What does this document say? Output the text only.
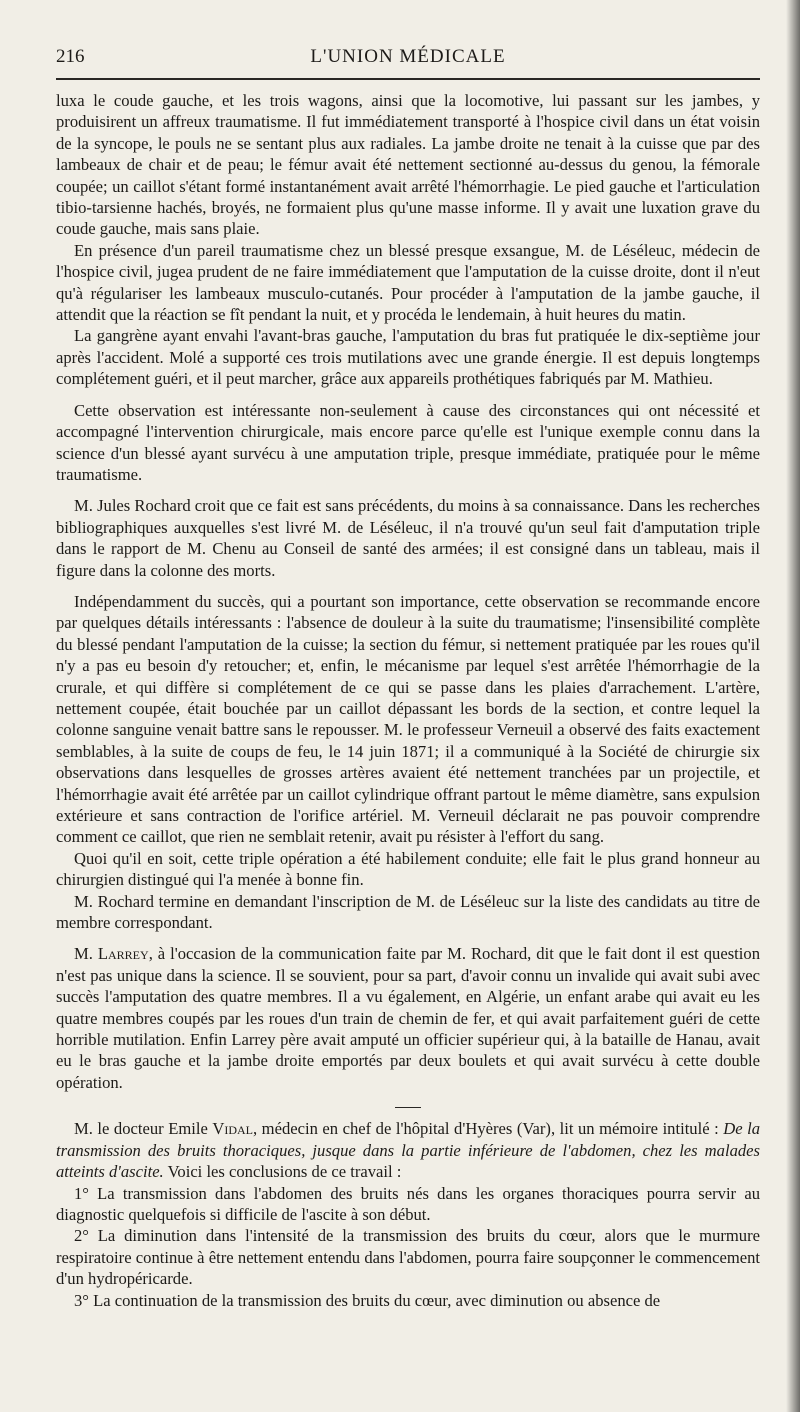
216	L'UNION MÉDICALE

luxa le coude gauche, et les trois wagons, ainsi que la locomotive, lui passant sur les jambes, y produisirent un affreux traumatisme. Il fut immédiatement transporté à l'hospice civil dans un état voisin de la syncope, le pouls ne se sentant plus aux radiales. La jambe droite ne tenait à la cuisse que par des lambeaux de chair et de peau; le fémur avait été nettement sectionné au-dessus du genou, la fémorale coupée; un caillot s'étant formé instantanément avait arrêté l'hémorrhagie. Le pied gauche et l'articulation tibio-tarsienne hachés, broyés, ne formaient plus qu'une masse informe. Il y avait une luxation grave du coude gauche, mais sans plaie.

En présence d'un pareil traumatisme chez un blessé presque exsangue, M. de Léséleuc, médecin de l'hospice civil, jugea prudent de ne faire immédiatement que l'amputation de la cuisse droite, dont il n'eut qu'à régulariser les lambeaux musculo-cutanés. Pour procéder à l'amputation de la jambe gauche, il attendit que la réaction se fît pendant la nuit, et y procéda le lendemain, à huit heures du matin.

La gangrène ayant envahi l'avant-bras gauche, l'amputation du bras fut pratiquée le dix-septième jour après l'accident. Molé a supporté ces trois mutilations avec une grande énergie. Il est depuis longtemps complétement guéri, et il peut marcher, grâce aux appareils prothétiques fabriqués par M. Mathieu.

Cette observation est intéressante non-seulement à cause des circonstances qui ont nécessité et accompagné l'intervention chirurgicale, mais encore parce qu'elle est l'unique exemple connu dans la science d'un blessé ayant survécu à une amputation triple, presque immédiate, pratiquée pour le même traumatisme.

M. Jules Rochard croit que ce fait est sans précédents, du moins à sa connaissance. Dans les recherches bibliographiques auxquelles s'est livré M. de Léséleuc, il n'a trouvé qu'un seul fait d'amputation triple dans le rapport de M. Chenu au Conseil de santé des armées; il est consigné dans un tableau, mais il figure dans la colonne des morts.

Indépendamment du succès, qui a pourtant son importance, cette observation se recommande encore par quelques détails intéressants : l'absence de douleur à la suite du traumatisme; l'insensibilité complète du blessé pendant l'amputation de la cuisse; la section du fémur, si nettement pratiquée par les roues qu'il n'y a pas eu besoin d'y retoucher; et, enfin, le mécanisme par lequel s'est arrêtée l'hémorrhagie de la crurale, et qui diffère si complétement de ce qui se passe dans les plaies d'arrachement. L'artère, nettement coupée, était bouchée par un caillot dépassant les bords de la section, et contre lequel la colonne sanguine venait battre sans le repousser. M. le professeur Verneuil a observé des faits exactement semblables, à la suite de coups de feu, le 14 juin 1871; il a communiqué à la Société de chirurgie six observations dans lesquelles de grosses artères avaient été nettement tranchées par un projectile, et l'hémorrhagie avait été arrêtée par un caillot cylindrique offrant partout le même diamètre, sans expulsion extérieure et sans contraction de l'orifice artériel. M. Verneuil déclarait ne pas pouvoir comprendre comment ce caillot, que rien ne semblait retenir, avait pu résister à l'effort du sang.

Quoi qu'il en soit, cette triple opération a été habilement conduite; elle fait le plus grand honneur au chirurgien distingué qui l'a menée à bonne fin.

M. Rochard termine en demandant l'inscription de M. de Léséleuc sur la liste des candidats au titre de membre correspondant.

M. Larrey, à l'occasion de la communication faite par M. Rochard, dit que le fait dont il est question n'est pas unique dans la science. Il se souvient, pour sa part, d'avoir connu un invalide qui avait subi avec succès l'amputation des quatre membres. Il a vu également, en Algérie, un enfant arabe qui avait eu les quatre membres coupés par les roues d'un train de chemin de fer, et qui avait parfaitement guéri de cette horrible mutilation. Enfin Larrey père avait amputé un officier supérieur qui, à la bataille de Hanau, avait eu le bras gauche et la jambe droite emportés par deux boulets et qui avait survécu à cette double opération.

M. le docteur Emile Vidal, médecin en chef de l'hôpital d'Hyères (Var), lit un mémoire intitulé : De la transmission des bruits thoraciques, jusque dans la partie inférieure de l'abdomen, chez les malades atteints d'ascite. Voici les conclusions de ce travail :

1° La transmission dans l'abdomen des bruits nés dans les organes thoraciques pourra servir au diagnostic quelquefois si difficile de l'ascite à son début.

2° La diminution dans l'intensité de la transmission des bruits du cœur, alors que le murmure respiratoire continue à être nettement entendu dans l'abdomen, pourra faire soupçonner le commencement d'un hydropéricarde.

3° La continuation de la transmission des bruits du cœur, avec diminution ou absence de
